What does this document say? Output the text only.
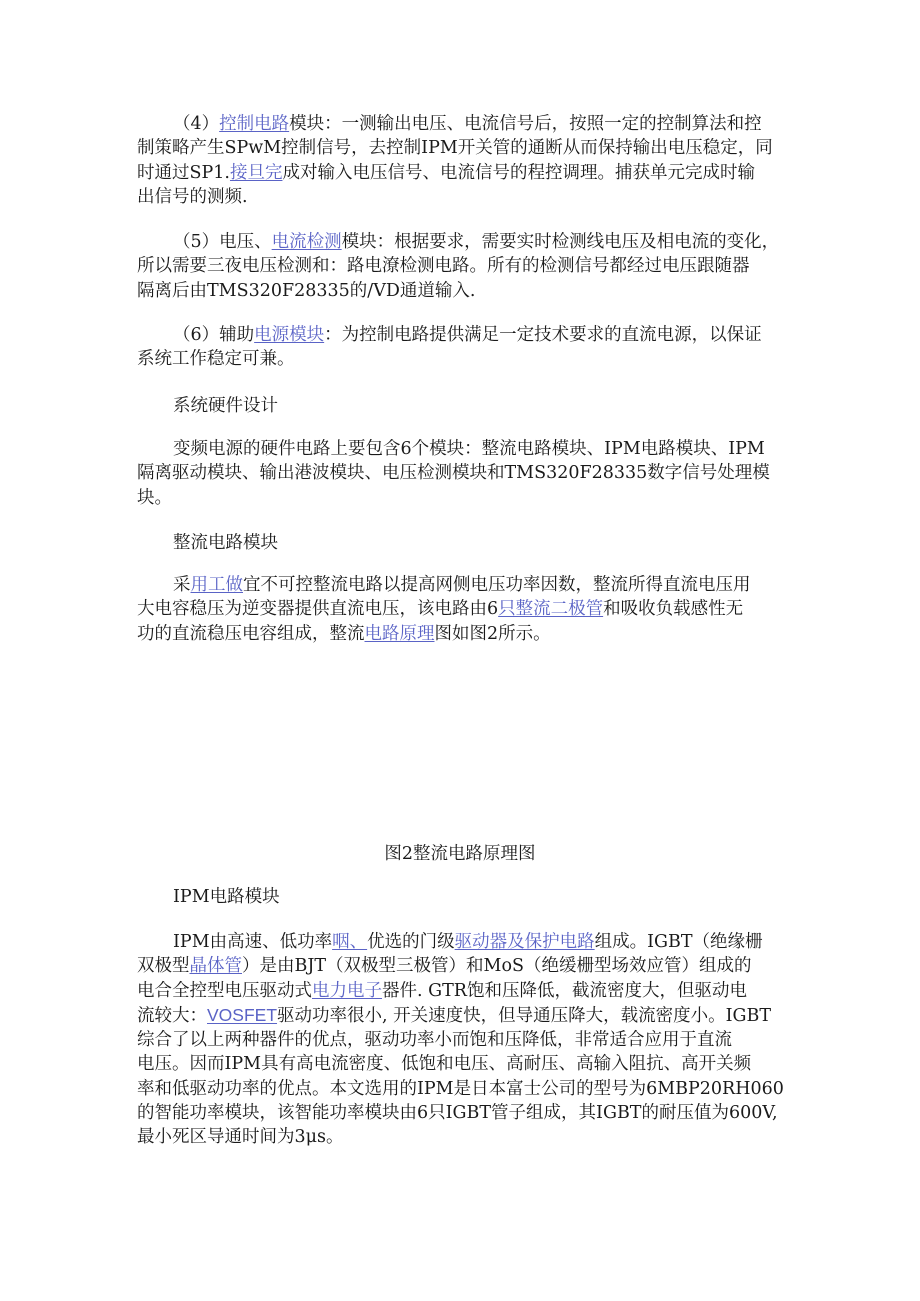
（4）控制电路模块：一测输出电压、电流信号后，按照一定的控制算法和控
制策略产生SPwM控制信号，去控制IPM开关管的通断从而保持输出电压稳定，同
时通过SP1.接旦完成对输入电压信号、电流信号的程控调理。捕获单元完成时输
出信号的测频.
（5）电压、电流检测模块：根据要求，需要实时检测线电压及相电流的变化，
所以需要三夜电压检测和：路电潦检测电路。所有的检测信号都经过电压跟随器
隔离后由TMS320F28335的/VD通道输入.
（6）辅助电源模块：为控制电路提供满足一定技术要求的直流电源，以保证
系统工作稳定可兼。
系统硬件设计
变频电源的硬件电路上要包含6个模块：整流电路模块、IPM电路模块、IPM
隔离驱动模块、输出港波模块、电压检测模块和TMS320F28335数字信号处理模
块。
整流电路模块
采用工做宜不可控整流电路以提高网侧电压功率因数，整流所得直流电压用
大电容稳压为逆变器提供直流电压，该电路由6只整流二极管和吸收负载感性无
功的直流稳压电容组成，整流电路原理图如图2所示。
图2整流电路原理图
IPM电路模块
IPM由高速、低功率咽、优选的门级驱动器及保护电路组成。IGBT（绝缘栅
双极型晶体管）是由BJT（双极型三极管）和MoS（绝缓栅型场效应管）组成的
电合全控型电压驱动式电力电子器件. GTR饱和压降低，截流密度大，但驱动电
流较大：VOSFET驱动功率很小, 开关速度快，但导通压降大，载流密度小。IGBT
综合了以上两种器件的优点，驱动功率小而饱和压降低，非常适合应用于直流
电压。因而IPM具有高电流密度、低饱和电压、高耐压、高输入阻抗、高开关频
率和低驱动功率的优点。本文选用的IPM是日本富士公司的型号为6MBP20RH060
的智能功率模块，该智能功率模块由6只IGBT管子组成，其IGBT的耐压值为600V,
最小死区导通时间为3μs。
